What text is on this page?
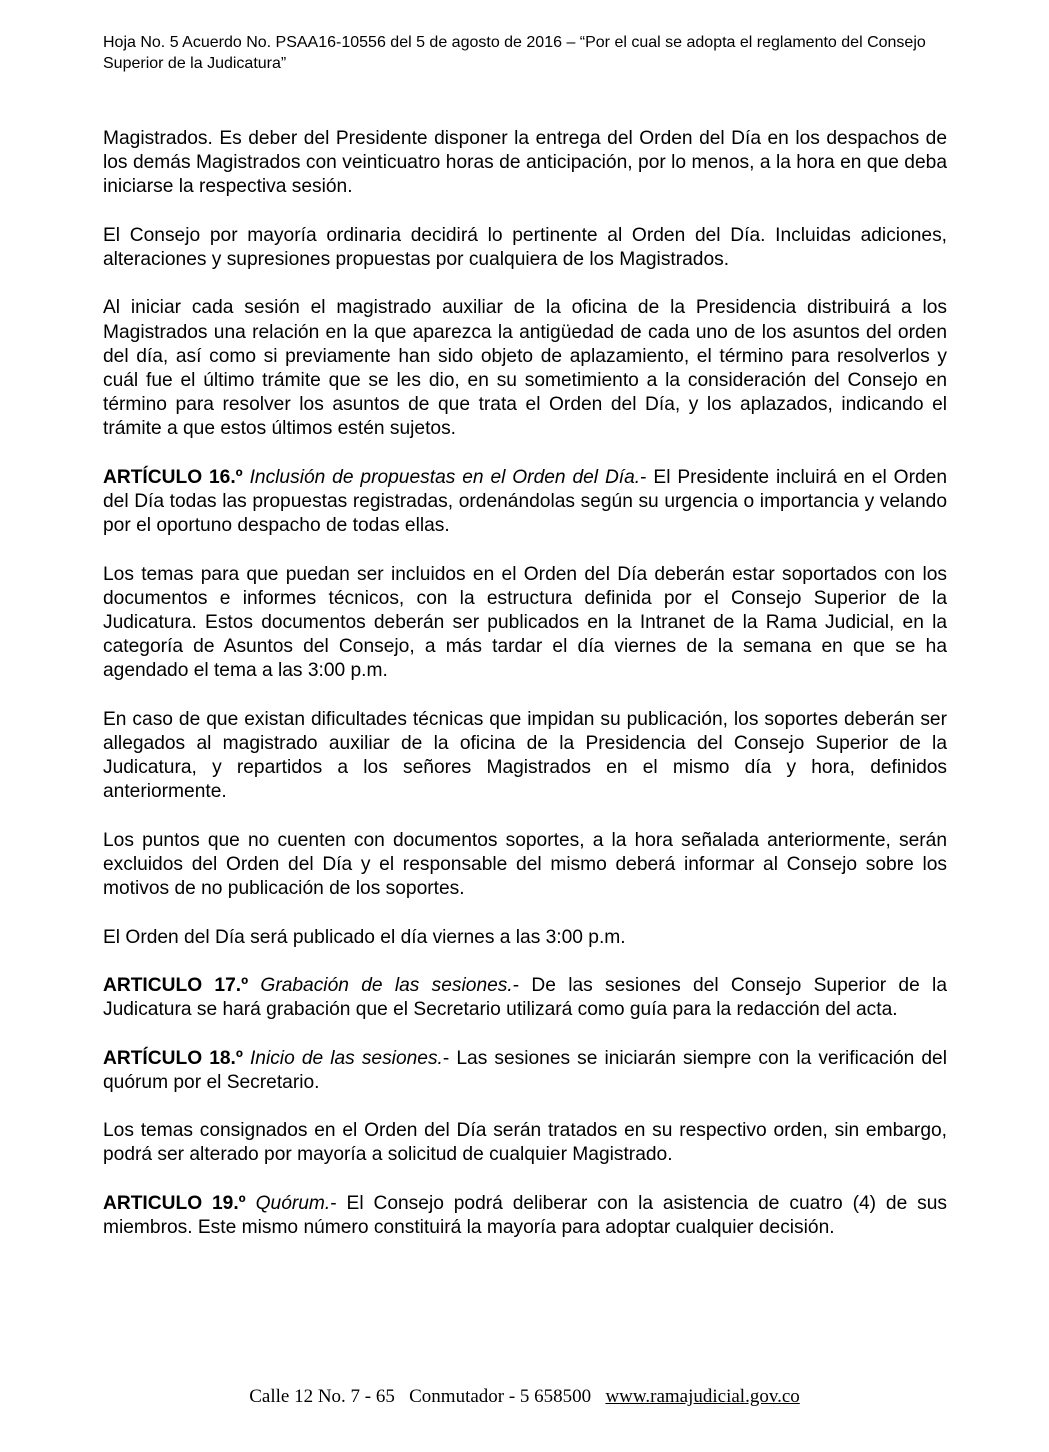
Hoja No. 5 Acuerdo No. PSAA16-10556 del 5 de agosto de 2016 – “Por el cual se adopta el reglamento del Consejo Superior de la Judicatura”

Magistrados. Es deber del Presidente disponer la entrega del Orden del Día en los despachos de los demás Magistrados con veinticuatro horas de anticipación, por lo menos, a la hora en que deba iniciarse la respectiva sesión.

El Consejo por mayoría ordinaria decidirá lo pertinente al Orden del Día. Incluidas adiciones, alteraciones y supresiones propuestas por cualquiera de los Magistrados.

Al iniciar cada sesión el magistrado auxiliar de la oficina de la Presidencia distribuirá a los Magistrados una relación en la que aparezca la antigüedad de cada uno de los asuntos del orden del día, así como si previamente han sido objeto de aplazamiento, el término para resolverlos y cuál fue el último trámite que se les dio, en su sometimiento a la consideración del Consejo en término para resolver los asuntos de que trata el Orden del Día, y los aplazados, indicando el trámite a que estos últimos estén sujetos.

ARTÍCULO 16.º Inclusión de propuestas en el Orden del Día.- El Presidente incluirá en el Orden del Día todas las propuestas registradas, ordenándolas según su urgencia o importancia y velando por el oportuno despacho de todas ellas.

Los temas para que puedan ser incluidos en el Orden del Día deberán estar soportados con los documentos e informes técnicos, con la estructura definida por el Consejo Superior de la Judicatura. Estos documentos deberán ser publicados en la Intranet de la Rama Judicial, en la categoría de Asuntos del Consejo, a más tardar el día viernes de la semana en que se ha agendado el tema a las 3:00 p.m.

En caso de que existan dificultades técnicas que impidan su publicación, los soportes deberán ser allegados al magistrado auxiliar de la oficina de la Presidencia del Consejo Superior de la Judicatura, y repartidos a los señores Magistrados en el mismo día y hora, definidos anteriormente.

Los puntos que no cuenten con documentos soportes, a la hora señalada anteriormente, serán excluidos del Orden del Día y el responsable del mismo deberá informar al Consejo sobre los motivos de no publicación de los soportes.

El Orden del Día será publicado el día viernes a las 3:00 p.m.

ARTICULO 17.º Grabación de las sesiones.- De las sesiones del Consejo Superior de la Judicatura se hará grabación que el Secretario utilizará como guía para la redacción del acta.

ARTÍCULO 18.º Inicio de las sesiones.- Las sesiones se iniciarán siempre con la verificación del quórum por el Secretario.

Los temas consignados en el Orden del Día serán tratados en su respectivo orden, sin embargo, podrá ser alterado por mayoría a solicitud de cualquier Magistrado.

ARTICULO 19.º Quórum.- El Consejo podrá deliberar con la asistencia de cuatro (4) de sus miembros. Este mismo número constituirá la mayoría para adoptar cualquier decisión.

Calle 12 No. 7 - 65   Conmutador - 5 658500   www.ramajudicial.gov.co
